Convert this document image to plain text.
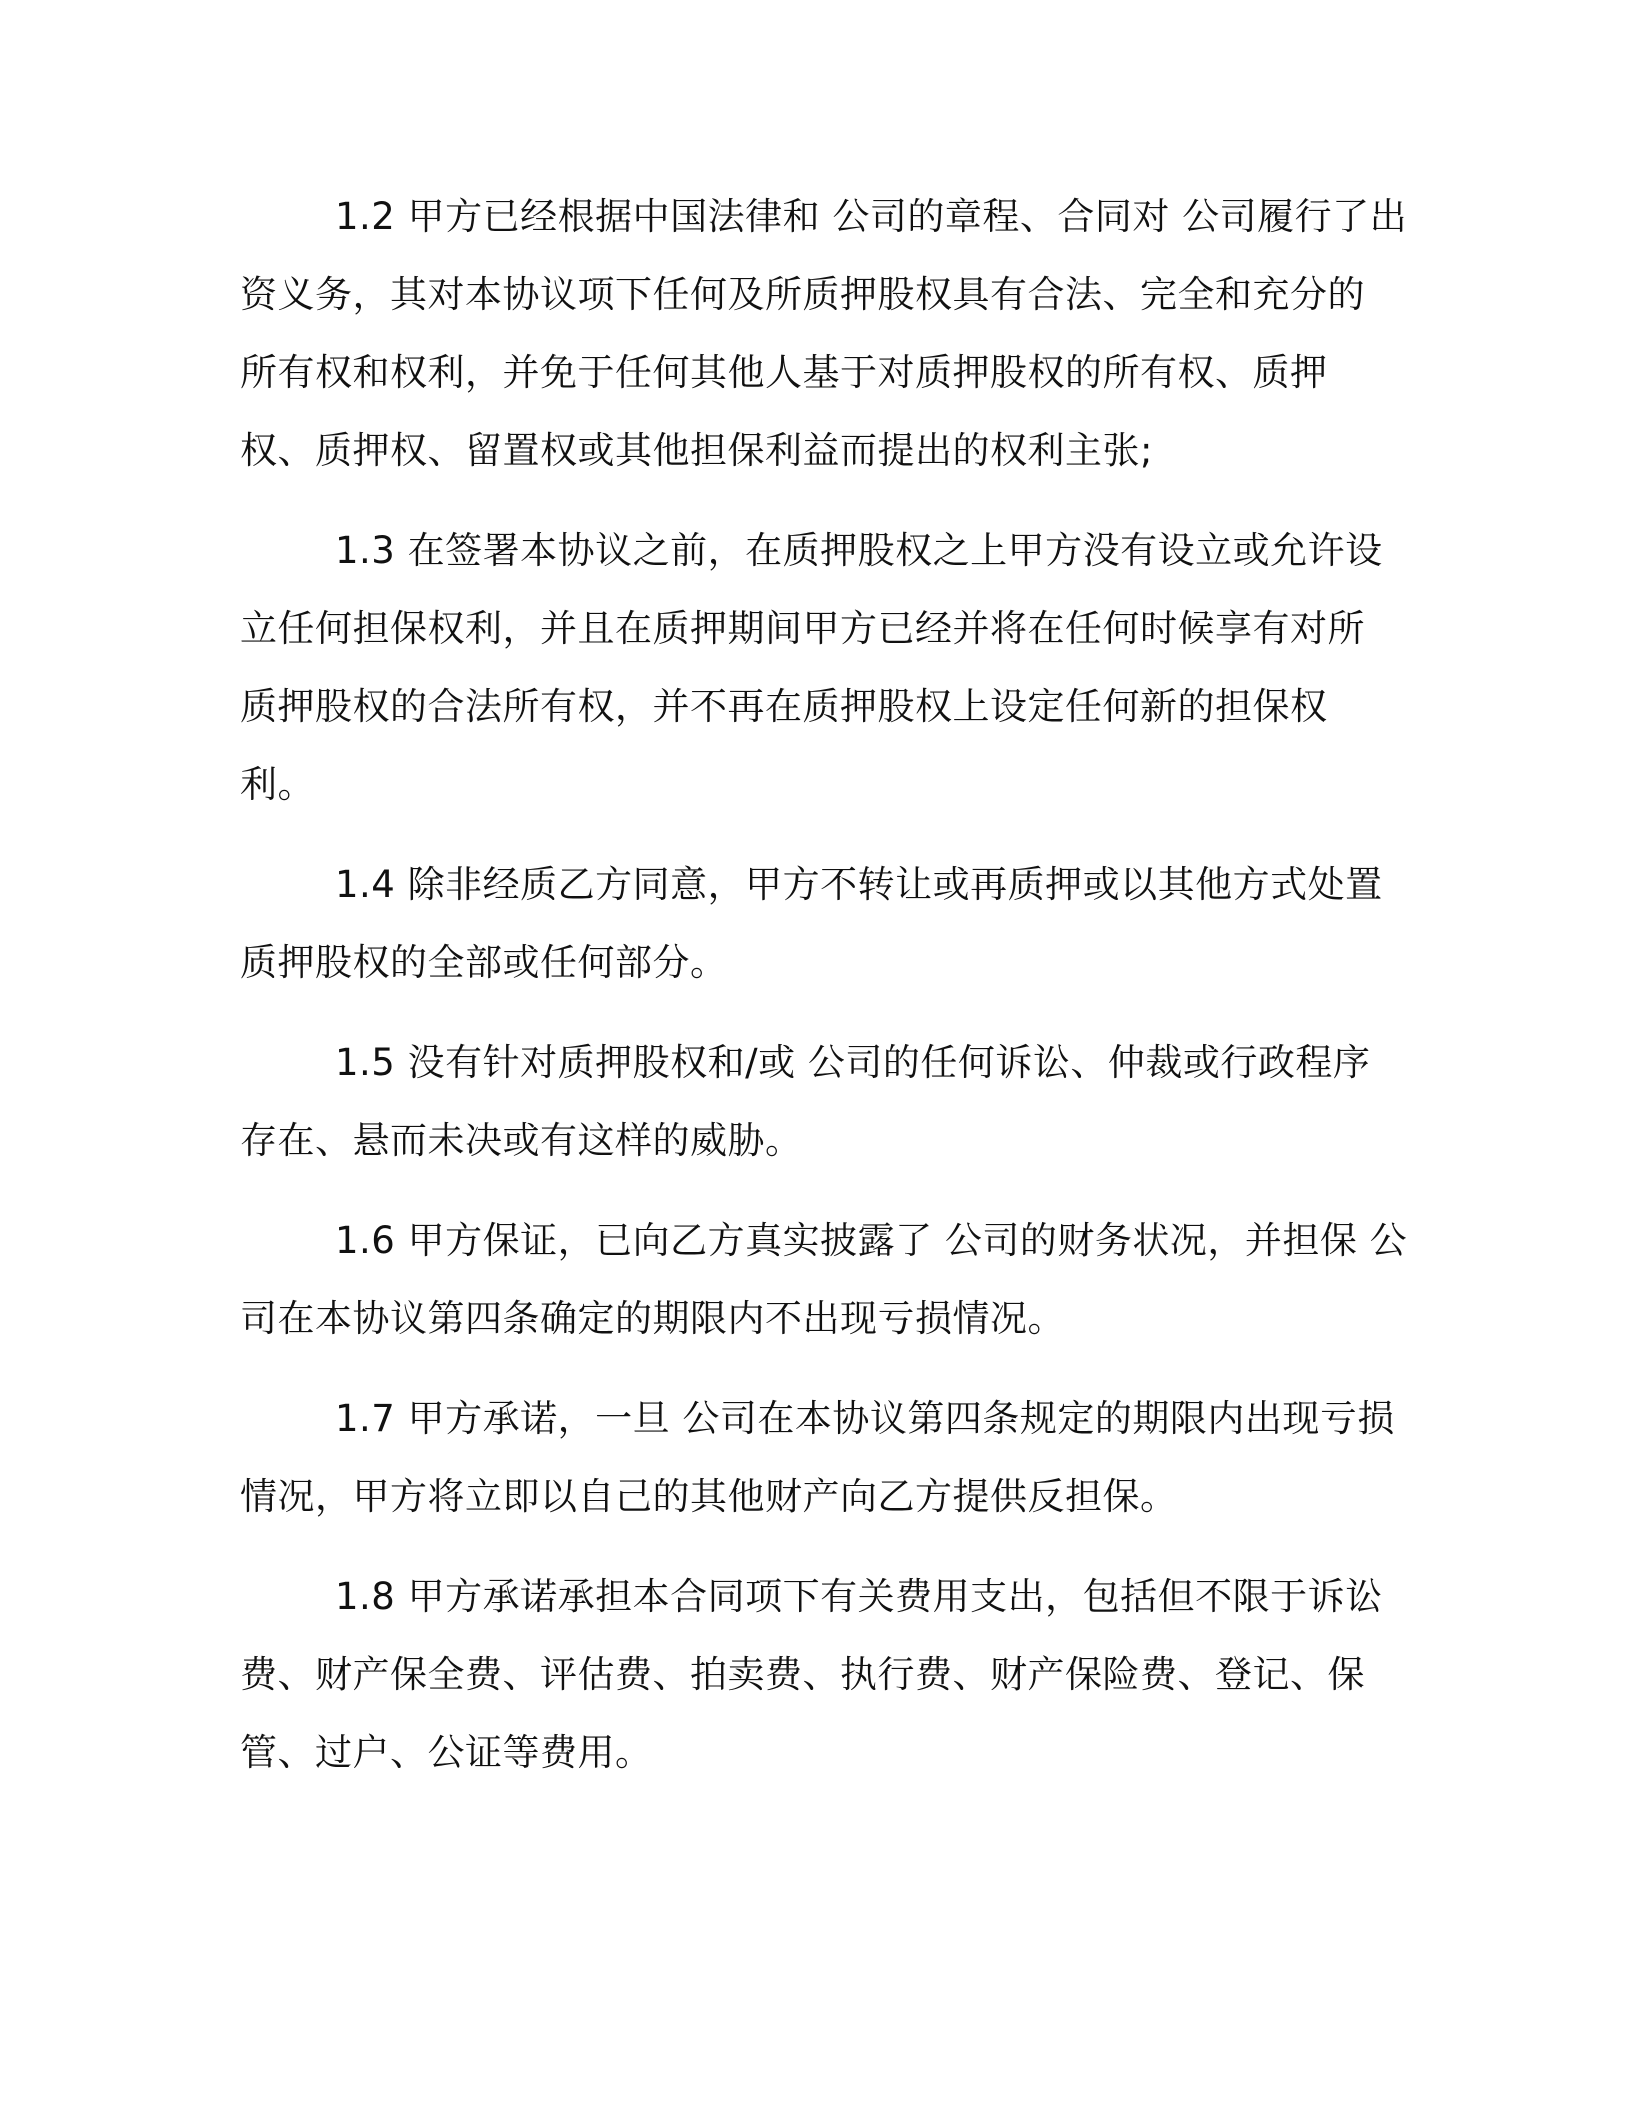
1.2 甲方已经根据中国法律和 公司的章程、合同对 公司履行了出
资义务，其对本协议项下任何及所质押股权具有合法、完全和充分的
所有权和权利，并免于任何其他人基于对质押股权的所有权、质押
权、质押权、留置权或其他担保利益而提出的权利主张;
1.3 在签署本协议之前，在质押股权之上甲方没有设立或允许设
立任何担保权利，并且在质押期间甲方已经并将在任何时候享有对所
质押股权的合法所有权，并不再在质押股权上设定任何新的担保权
利。
1.4 除非经质乙方同意，甲方不转让或再质押或以其他方式处置
质押股权的全部或任何部分。
1.5 没有针对质押股权和/或 公司的任何诉讼、仲裁或行政程序
存在、悬而未决或有这样的威胁。
1.6 甲方保证，已向乙方真实披露了 公司的财务状况，并担保 公
司在本协议第四条确定的期限内不出现亏损情况。
1.7 甲方承诺，一旦 公司在本协议第四条规定的期限内出现亏损
情况，甲方将立即以自己的其他财产向乙方提供反担保。
1.8 甲方承诺承担本合同项下有关费用支出，包括但不限于诉讼
费、财产保全费、评估费、拍卖费、执行费、财产保险费、登记、保
管、过户、公证等费用。
